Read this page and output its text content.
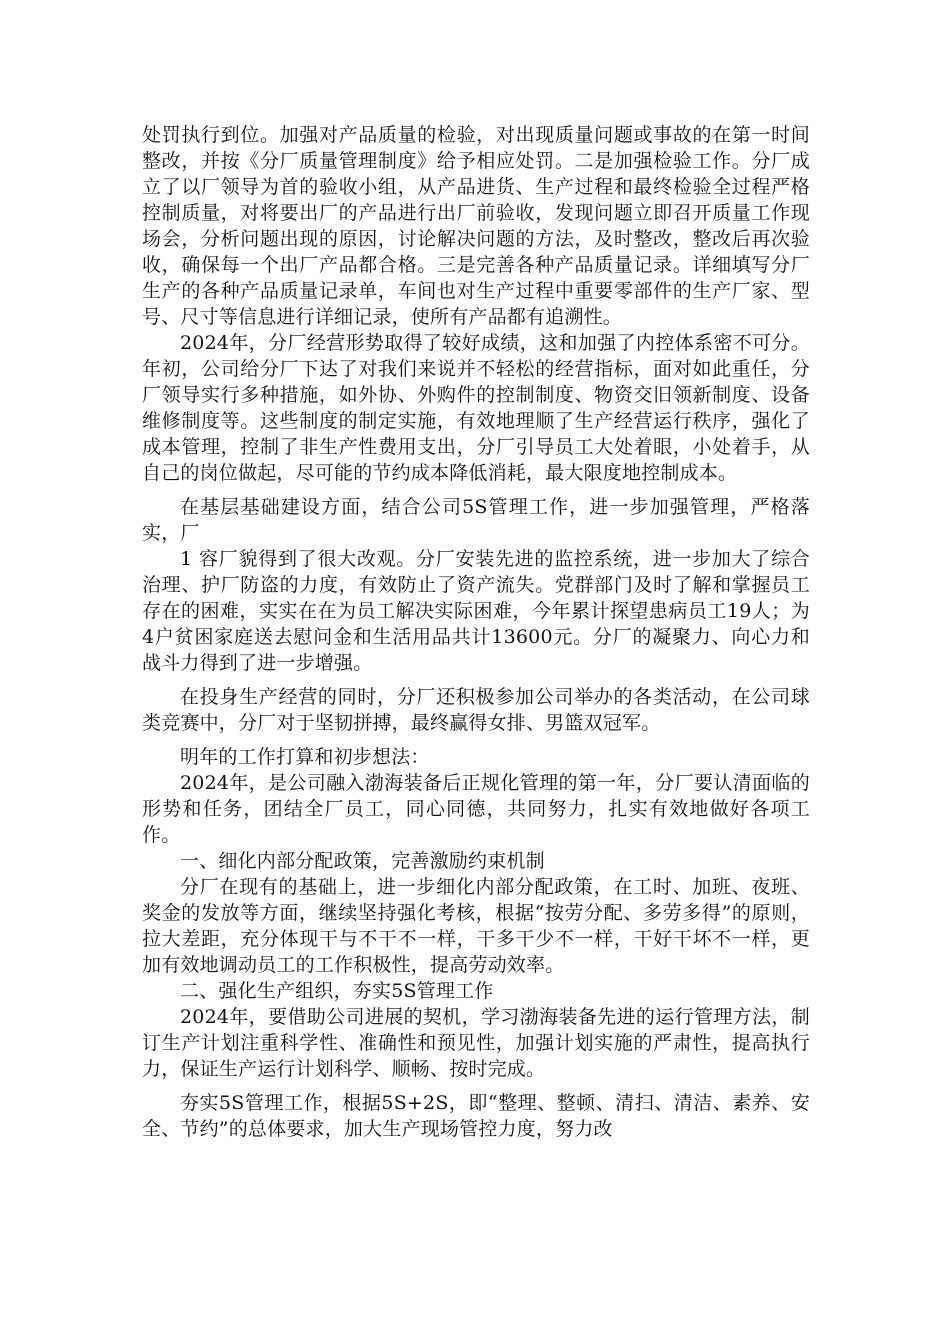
处罚执行到位。加强对产品质量的检验，对出现质量问题或事故的在第一时间整改，并按《分厂质量管理制度》给予相应处罚。二是加强检验工作。分厂成立了以厂领导为首的验收小组，从产品进货、生产过程和最终检验全过程严格控制质量，对将要出厂的产品进行出厂前验收，发现问题立即召开质量工作现场会，分析问题出现的原因，讨论解决问题的方法，及时整改，整改后再次验收，确保每一个出厂产品都合格。三是完善各种产品质量记录。详细填写分厂生产的各种产品质量记录单，车间也对生产过程中重要零部件的生产厂家、型号、尺寸等信息进行详细记录，使所有产品都有追溯性。

2024年，分厂经营形势取得了较好成绩，这和加强了内控体系密不可分。年初，公司给分厂下达了对我们来说并不轻松的经营指标，面对如此重任，分厂领导实行多种措施，如外协、外购件的控制制度、物资交旧领新制度、设备维修制度等。这些制度的制定实施，有效地理顺了生产经营运行秩序，强化了成本管理，控制了非生产性费用支出，分厂引导员工大处着眼，小处着手，从自己的岗位做起，尽可能的节约成本降低消耗，最大限度地控制成本。

在基层基础建设方面，结合公司5S管理工作，进一步加强管理，严格落实，厂

1 容厂貌得到了很大改观。分厂安装先进的监控系统，进一步加大了综合治理、护厂防盗的力度，有效防止了资产流失。党群部门及时了解和掌握员工存在的困难，实实在在为员工解决实际困难，今年累计探望患病员工19人；为4户贫困家庭送去慰问金和生活用品共计13600元。分厂的凝聚力、向心力和战斗力得到了进一步增强。

在投身生产经营的同时，分厂还积极参加公司举办的各类活动，在公司球类竞赛中，分厂对于坚韧拼搏，最终赢得女排、男篮双冠军。

明年的工作打算和初步想法：

2024年，是公司融入渤海装备后正规化管理的第一年，分厂要认清面临的形势和任务，团结全厂员工，同心同德，共同努力，扎实有效地做好各项工作。

一、细化内部分配政策，完善激励约束机制

分厂在现有的基础上，进一步细化内部分配政策，在工时、加班、夜班、奖金的发放等方面，继续坚持强化考核，根据“按劳分配、多劳多得”的原则，拉大差距，充分体现干与不干不一样，干多干少不一样，干好干坏不一样，更加有效地调动员工的工作积极性，提高劳动效率。

二、强化生产组织，夯实5S管理工作

2024年，要借助公司进展的契机，学习渤海装备先进的运行管理方法，制订生产计划注重科学性、准确性和预见性，加强计划实施的严肃性，提高执行力，保证生产运行计划科学、顺畅、按时完成。

夯实5S管理工作，根据5S+2S，即“整理、整顿、清扫、清洁、素养、安全、节约”的总体要求，加大生产现场管控力度，努力改
